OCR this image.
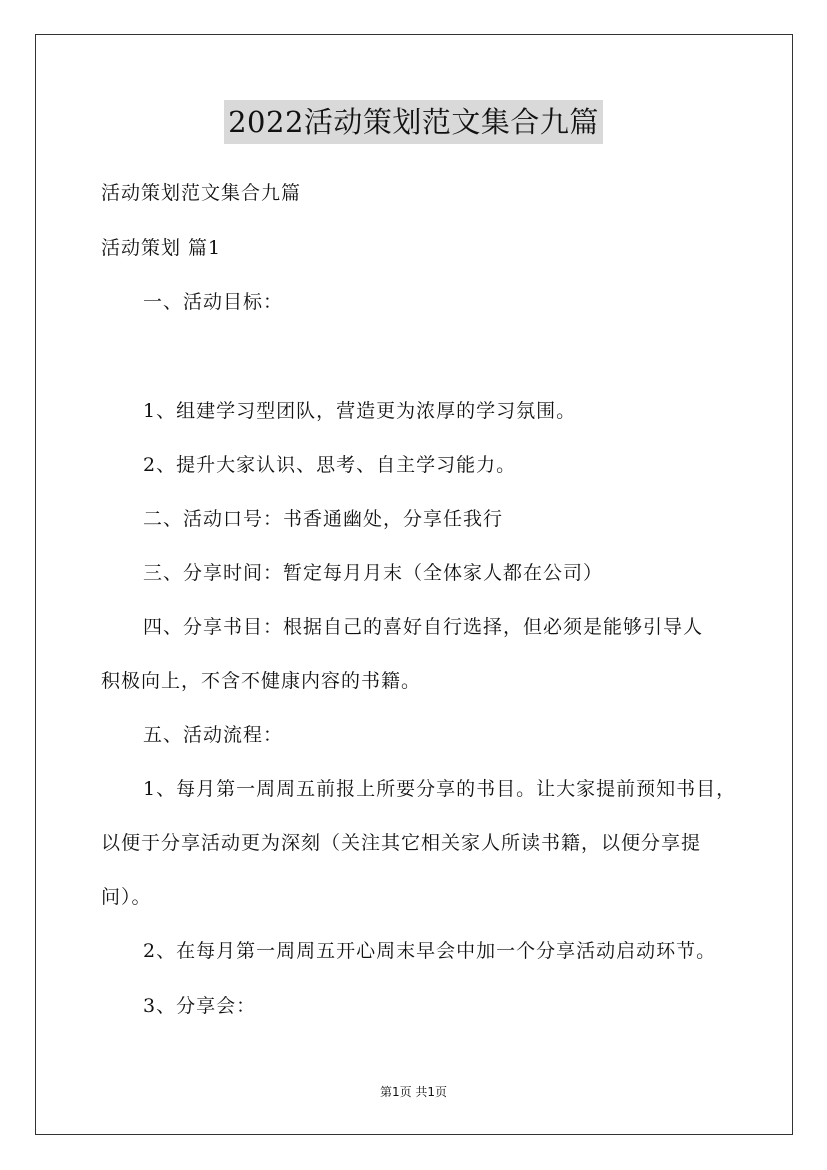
2022活动策划范文集合九篇
活动策划范文集合九篇
活动策划 篇1
一、活动目标：
1、组建学习型团队，营造更为浓厚的学习氛围。
2、提升大家认识、思考、自主学习能力。
二、活动口号：书香通幽处，分享任我行
三、分享时间：暂定每月月末（全体家人都在公司）
四、分享书目：根据自己的喜好自行选择，但必须是能够引导人
积极向上，不含不健康内容的书籍。
五、活动流程：
1、每月第一周周五前报上所要分享的书目。让大家提前预知书目，
以便于分享活动更为深刻（关注其它相关家人所读书籍，以便分享提
问）。
2、在每月第一周周五开心周末早会中加一个分享活动启动环节。
3、分享会：
第1页 共1页
